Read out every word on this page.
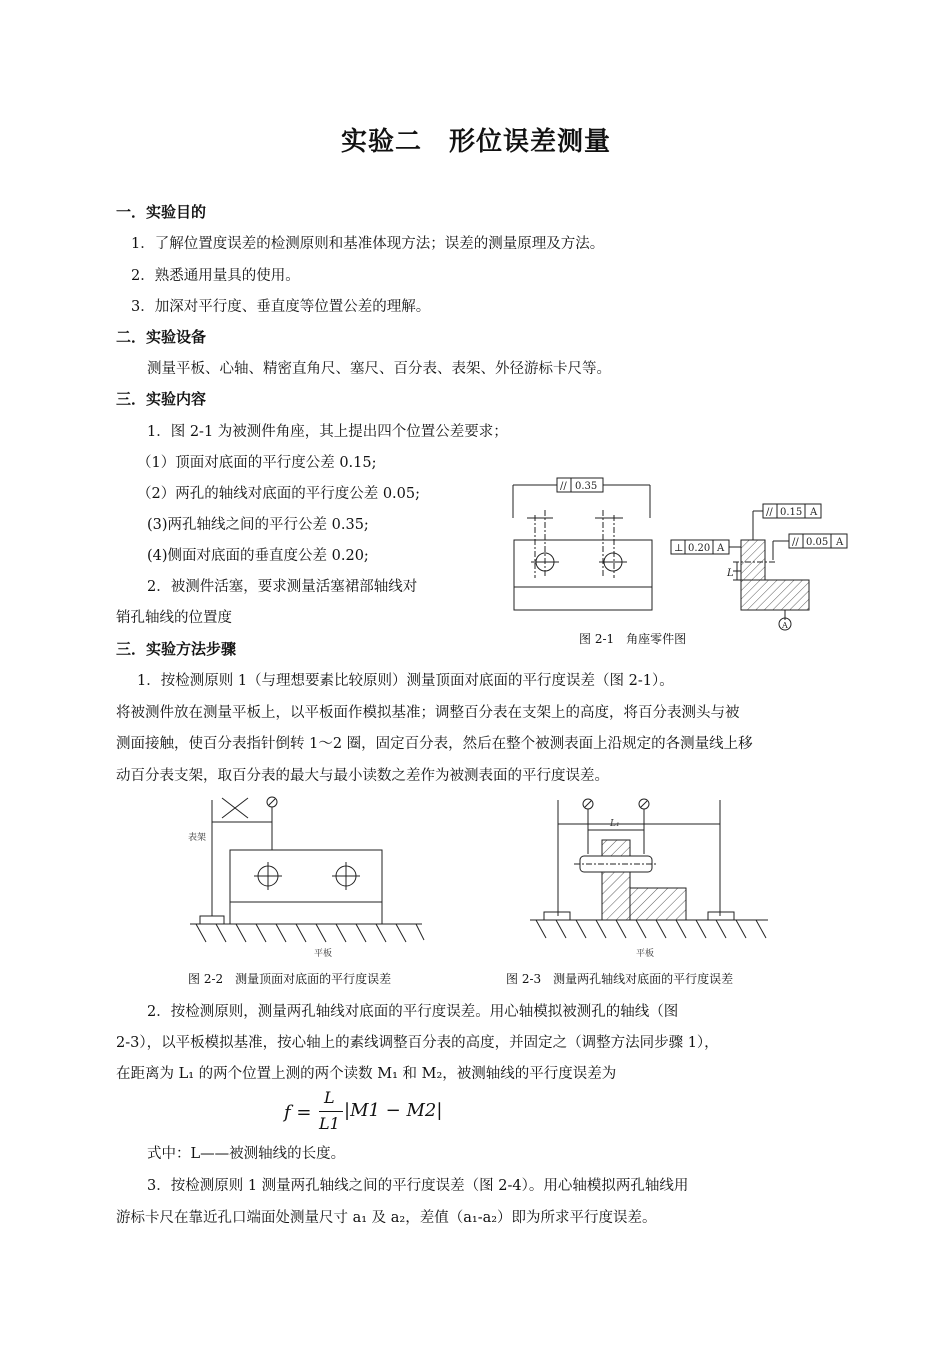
实验二　形位误差测量
一．实验目的
1．了解位置度误差的检测原则和基准体现方法；误差的测量原理及方法。
2．熟悉通用量具的使用。
3．加深对平行度、垂直度等位置公差的理解。
二．实验设备
测量平板、心轴、精密直角尺、塞尺、百分表、表架、外径游标卡尺等。
三．实验内容
1．图 2-1 为被测件角座，其上提出四个位置公差要求；
（1）顶面对底面的平行度公差 0.15;
（2）两孔的轴线对底面的平行度公差 0.05;
(3)两孔轴线之间的平行公差 0.35;
(4)侧面对底面的垂直度公差 0.20;
2．被测件活塞，要求测量活塞裙部轴线对
销孔轴线的位置度
// 0.35
// 0.15 A
// 0.05 A
⊥ 0.20 A
L
A
图 2-1　角座零件图
三．实验方法步骤
1．按检测原则 1（与理想要素比较原则）测量顶面对底面的平行度误差（图 2-1）。
将被测件放在测量平板上，以平板面作模拟基准；调整百分表在支架上的高度，将百分表测头与被
测面接触，使百分表指针倒转 1～2 圈，固定百分表，然后在整个被测表面上沿规定的各测量线上移
动百分表支架，取百分表的最大与最小读数之差作为被测表面的平行度误差。
表架
平板
图 2-2　测量顶面对底面的平行度误差
L₁
平板
图 2-3　测量两孔轴线对底面的平行度误差
2．按检测原则，测量两孔轴线对底面的平行度误差。用心轴模拟被测孔的轴线（图
2-3），以平板模拟基准，按心轴上的素线调整百分表的高度，并固定之（调整方法同步骤 1），
在距离为 L₁ 的两个位置上测的两个读数 M₁ 和 M₂，被测轴线的平行度误差为
f =
L
L1
|M1 − M2|
式中：L——被测轴线的长度。
3．按检测原则 1 测量两孔轴线之间的平行度误差（图 2-4）。用心轴模拟两孔轴线用
游标卡尺在靠近孔口端面处测量尺寸 a₁ 及 a₂，差值（a₁-a₂）即为所求平行度误差。
